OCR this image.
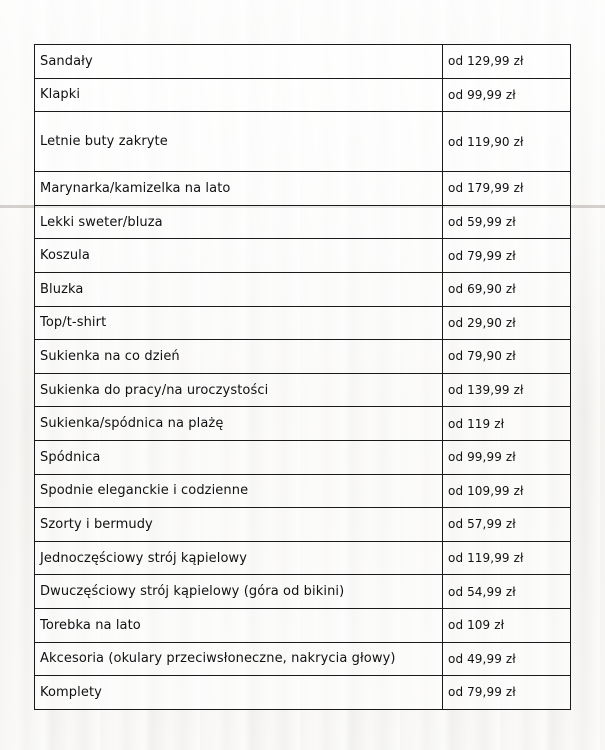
Sandały	od 129,99 zł
Klapki	od 99,99 zł
Letnie buty zakryte	od 119,90 zł
Marynarka/kamizelka na lato	od 179,99 zł
Lekki sweter/bluza	od 59,99 zł
Koszula	od 79,99 zł
Bluzka	od 69,90 zł
Top/t-shirt	od 29,90 zł
Sukienka na co dzień	od 79,90 zł
Sukienka do pracy/na uroczystości	od 139,99 zł
Sukienka/spódnica na plażę	od 119 zł
Spódnica	od 99,99 zł
Spodnie eleganckie i codzienne	od 109,99 zł
Szorty i bermudy	od 57,99 zł
Jednoczęściowy strój kąpielowy	od 119,99 zł
Dwuczęściowy strój kąpielowy (góra od bikini)	od 54,99 zł
Torebka na lato	od 109 zł
Akcesoria (okulary przeciwsłoneczne, nakrycia głowy)	od 49,99 zł
Komplety	od 79,99 zł
